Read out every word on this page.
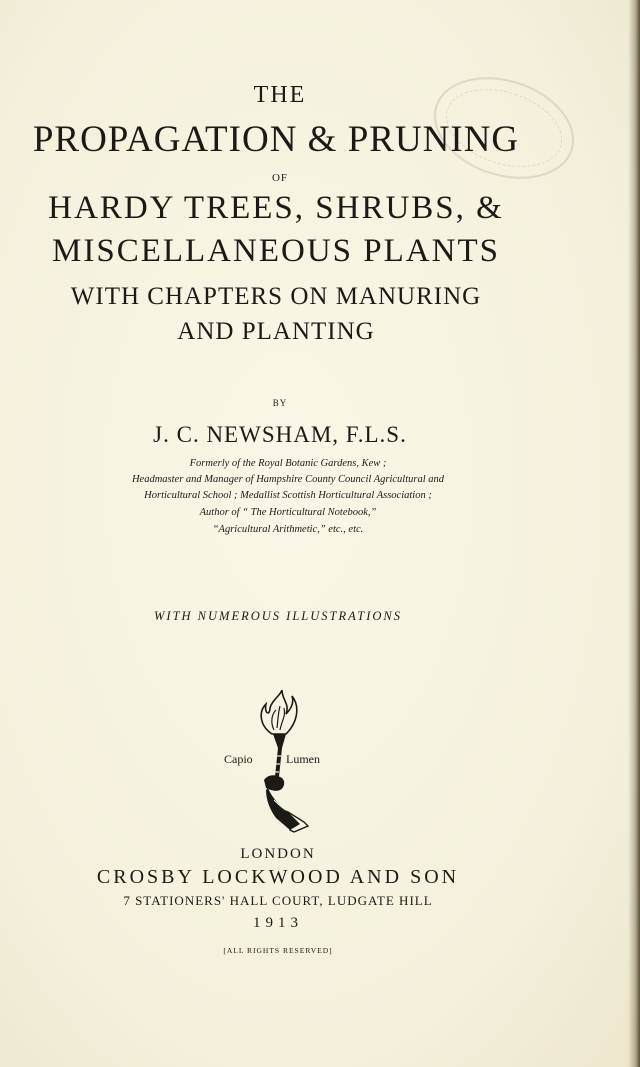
THE
PROPAGATION & PRUNING
OF
HARDY TREES, SHRUBS, &
MISCELLANEOUS PLANTS
WITH CHAPTERS ON MANURING
AND PLANTING
BY
J. C. NEWSHAM, F.L.S.
Formerly of the Royal Botanic Gardens, Kew ;
Headmaster and Manager of Hampshire County Council Agricultural and
Horticultural School ; Medallist Scottish Horticultural Association ;
Author of “ The Horticultural Notebook,”
“Agricultural Arithmetic,” etc., etc.
WITH NUMEROUS ILLUSTRATIONS
Capio	Lumen
LONDON
CROSBY LOCKWOOD AND SON
7 STATIONERS' HALL COURT, LUDGATE HILL
1913
[ALL RIGHTS RESERVED]
